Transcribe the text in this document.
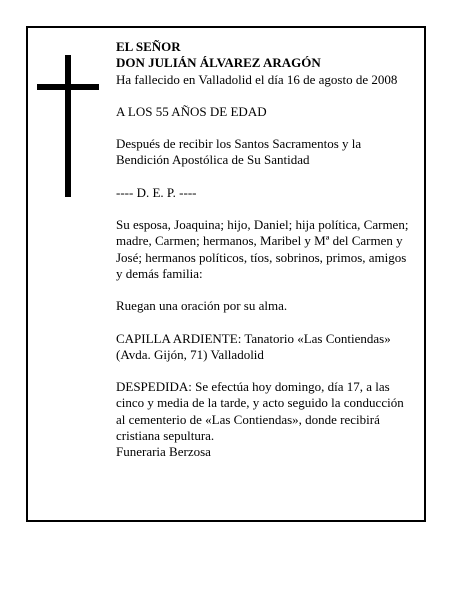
EL SEÑOR

DON JULIÁN ÁLVAREZ ARAGÓN

Ha fallecido en Valladolid el día 16 de agosto de 2008

A LOS 55 AÑOS DE EDAD

Después de recibir los Santos Sacramentos y la Bendición Apostólica de Su Santidad

---- D. E. P. ----

Su esposa, Joaquina; hijo, Daniel; hija política, Carmen; madre, Carmen; hermanos, Maribel y Mª del Carmen y José; hermanos políticos, tíos, sobrinos, primos, amigos y demás familia:

Ruegan una oración por su alma.

CAPILLA ARDIENTE: Tanatorio «Las Contiendas» (Avda. Gijón, 71) Valladolid

DESPEDIDA: Se efectúa hoy domingo, día 17, a las cinco y media de la tarde, y acto seguido la conducción al cementerio de «Las Contiendas», donde recibirá cristiana sepultura.

Funeraria Berzosa
